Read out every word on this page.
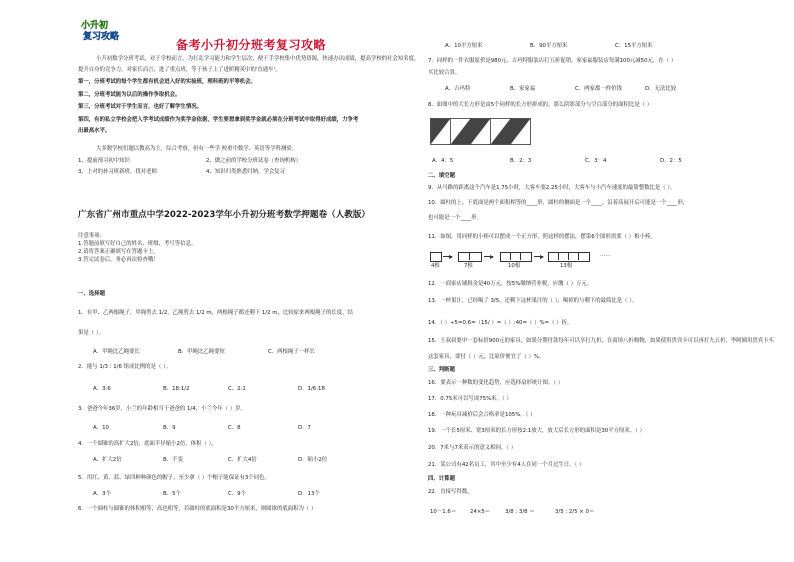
小升初
复习攻略
备考小升初分班考复习攻略
小升初数学分班考试，对于学校而言，为打乱学习能力和学生层次，便于手学校集中优势资源，快速办出成绩，提高学校的社会知名度，
提升自身的竞争力。对家长而言，进了重点班，等于孩子上了进阶精英中的'直通车'。
第一，分班考试的每个学生都有机会进入好的实验班，理科班的平等机会。
第二，分班考试能为以后的操作争取机会。
第三，分班考试对于学生而言，也好了解学生情况。
第四，有的私立学校会把入学考试成绩作为奖学金依据，学生要想拿到奖学金就必须在分班考试中取得好成绩，力争考
出最高水平。
大多数学校们题以教高为主，综合考察，但有一些学 校重中数学、英语等学科测验。
1、提前预习初中知识	2、做之前的学校分班试卷（查询机构）
3、上对的补习班新班，找对老师	4、知识归类熟悉归纳，学会复习
广东省广州市重点中学2022-2023学年小升初分班考数学押题卷（人教版）
注意事项：
1.答题前填写好自己的姓名、班级、考号等信息。
2.请将答案正确填写在答题卡上。
3.答完试卷后，务必再次检查哦！
一、选择题
1．有甲、乙两根绳子，甲绳剪去 1/2，乙绳剪去 1/2 m，两根绳子都还剩下 1/2 m，比较原来两根绳子的长度，结
果是（ ）。
A．甲绳比乙绳要长	B．甲绳比乙绳要短	C．两根绳子一样长
2．能与 1/3 : 1/6 组成比例的是（ ）。
A．3:6	B．18:1/2	C．2:1	D．1/6:18
3．爸爸今年36岁，小兰的年龄相当于爸爸的 1/4，小兰今年（ ）岁。
A．10	B．9	C．8	D．7
4．一个圆锥的高扩大2倍，底面半径缩小2倍，体积（ ）。
A．扩大2倍	B．不变	C．扩大4倍	D．缩小2倍
5．用红、黄、蓝、绿四种种颜色的帽子，至少拿（ ）个帽子能保证有3个同色。
A．3个	B．5个	C．9个	D．13个
6．一个圆柱与圆锥的体积相等，高也相等，若圆柱的底面积是30平方厘米，则圆锥的底面积为（ ）
A．10平方厘米	B．90平方厘米	C．15平方厘米
7．同样的一件衣服原价是980元，吉玛特服装店打五折促销，家家福服装店每满100元减50元，在（ ）
买比较合算。
A．吉玛特	B．家家福	C．两家都一样价钱	D．无法比较
8．如图中的大长方形是由5个同样的长方形拼成的，那么阴影部分与空白部分的面积比是（ ）
A．4：5	B．2：3	C．3：4	D．2：5
二、填空题
9．从马路的距离这个汽车是1.75小时，大客车要2.25小时，大客车与小汽车速度的最简整数比是（ ）。
10．圆柱的上、下底面是两个面积相等的____形，圆柱的侧面是一个____，沿着高展开后可能是一个____形，
也可能是一个____形。
11．如图，用同样的小棒可以摆成一个正方形，照这样的摆法，摆第6个图形需要（ ）根小棒。
……
4根	7根	10根	13根
12．一商家店铺租金是40万元，按5%缴纳营业税，应缴（ ）万元。
13．一杯果汁，已经喝了 3/5，还剩下这杯果汁的（ ），喝掉的与剩下的最简比是（ ）。
14．（ ）÷5=0.6=（15/ ）=（ ）:40=（ ）%=（ ）折。
15．王叔叔要申一套标价900元的家具，如果分期付款每年可以享打九折，在商场八折购物，如果使用贵宾卡可以再打九五折，李阿姨用贵宾卡买
这套家具，要付（ ）元，比原价便宜了（ ）%。
三、判断题
16．要表示一种数的变化趋势，应选择扇形统计图。（ ）
17．0.75米可以写成75%米。（ ）
18．一种玩具减价后会合格率是105%。（ ）
19．一个长5厘米、宽3厘米的长方形按2:1放大，放大后长方形的面积是30平方厘米。（ ）
20．7米与7米表示的意义相同。（ ）
21．某公司有42名员工，其中至少有4人在同一个月过生日。（ ）
四、计算题
22．直接写得数。
10－1.6＝	24×5＝	3/8 : 3/8 ＝	3/5 : 2/5 × 0＝
